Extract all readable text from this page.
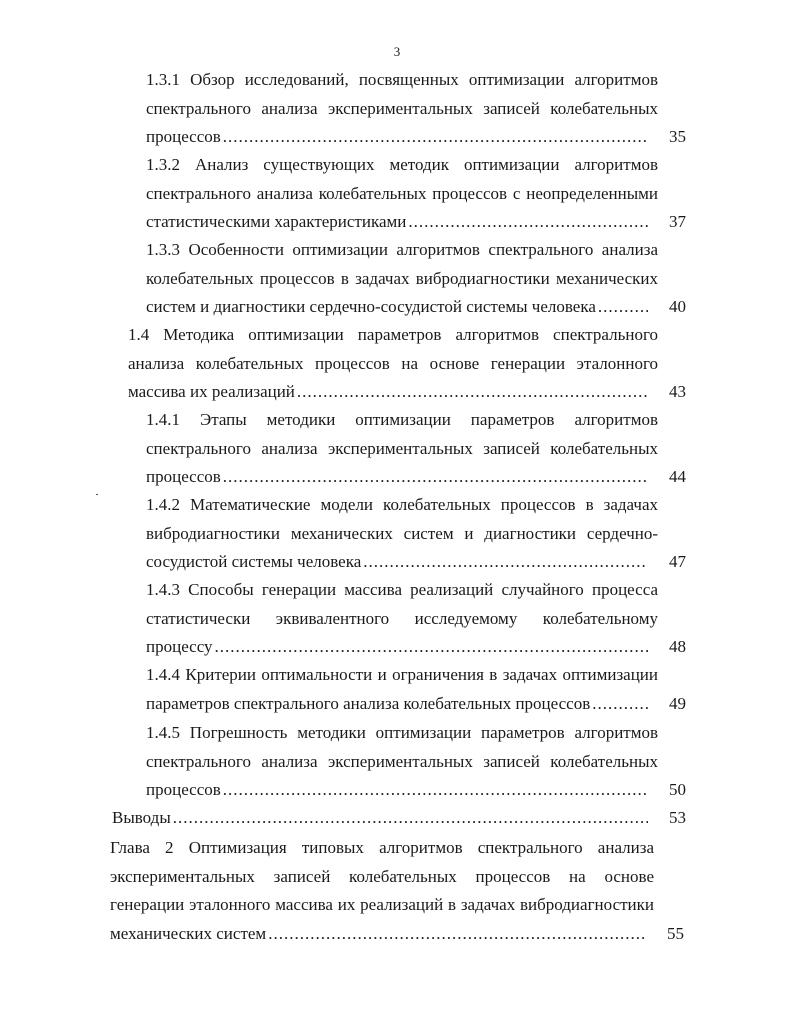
3
1.3.1 Обзор исследований, посвященных оптимизации алгоритмов
спектрального анализа экспериментальных записей колебательных
процессов .....	35
1.3.2 Анализ существующих методик оптимизации алгоритмов
спектрального анализа колебательных процессов с неопределенными
статистическими характеристиками .....	37
1.3.3 Особенности оптимизации алгоритмов спектрального анализа
колебательных процессов в задачах вибродиагностики механических
систем и диагностики сердечно-сосудистой системы человека .....	40
1.4 Методика оптимизации параметров алгоритмов спектрального
анализа колебательных процессов на основе генерации эталонного
массива их реализаций .....	43
1.4.1 Этапы методики оптимизации параметров алгоритмов
спектрального анализа экспериментальных записей колебательных
процессов .....	44
1.4.2 Математические модели колебательных процессов в задачах
вибродиагностики механических систем и диагностики сердечно-
сосудистой системы человека .....	47
1.4.3 Способы генерации массива реализаций случайного процесса
статистически эквивалентного исследуемому колебательному
процессу .....	48
1.4.4 Критерии оптимальности и ограничения в задачах оптимизации
параметров спектрального анализа колебательных процессов .....	49
1.4.5 Погрешность методики оптимизации параметров алгоритмов
спектрального анализа экспериментальных записей колебательных
процессов .....	50
Выводы .....	53
Глава 2 Оптимизация типовых алгоритмов спектрального анализа
экспериментальных записей колебательных процессов на основе
генерации эталонного массива их реализаций в задачах вибродиагностики
механических систем .....	55
